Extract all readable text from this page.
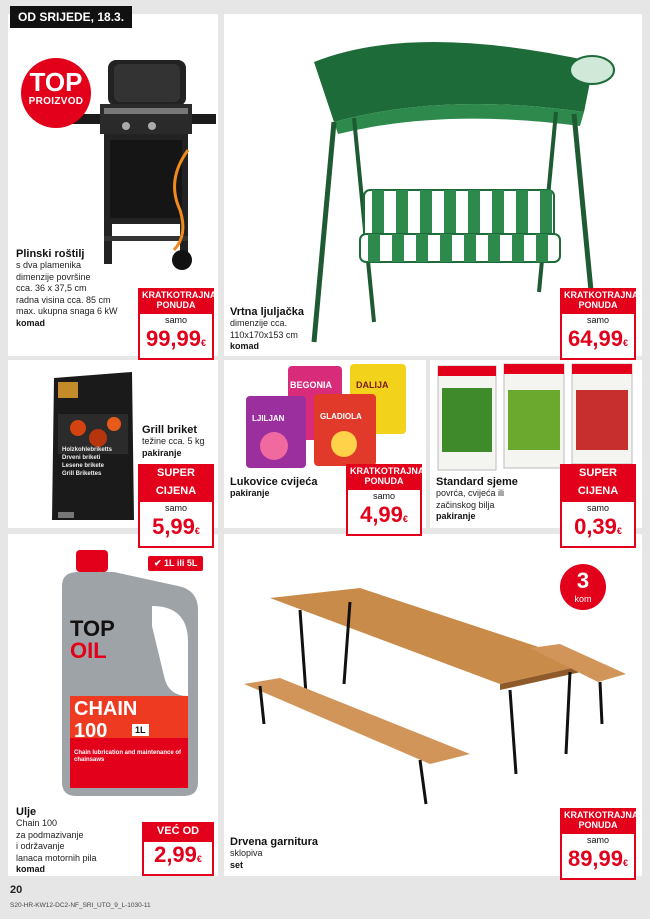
OD SRIJEDE, 18.3.
TOP
PROIZVOD
Plinski roštilj
s dva plamenika
dimenzije površine
cca. 36 x 37,5 cm
radna visina cca. 85 cm
max. ukupna snaga 6 kW
komad
KRATKOTRAJNA
PONUDA
samo
99,99€
Vrtna ljuljačka
dimenzije cca.
110x170x153 cm
komad
KRATKOTRAJNA
PONUDA
samo
64,99€
Holzkohlebriketts
Drveni briketi
Lesene brikete
Grill Brikettes
Grill briket
težine cca. 5 kg
pakiranje
SUPER CIJENA
samo
5,99€
BEGONIA	DALIJA
LJILJAN	GLADIOLA
Lukovice cvijeća
pakiranje
KRATKOTRAJNA
PONUDA
samo
4,99€
Standard sjeme
povrća, cvijeća ili
začinskog bilja
pakiranje
SUPER CIJENA
samo
0,39€
✔ 1L ili 5L
TOP
OIL
CHAIN
100	1L
Chain lubrication and maintenance of chainsaws
Ulje
Chain 100
za podmazivanje
i održavanje
lanaca motornih pila
komad
VEĆ OD
2,99€
3
kom
Drvena garnitura
sklopiva
set
KRATKOTRAJNA
PONUDA
samo
89,99€
20
S20-HR-KW12-DC2-NF_SRI_UTO_9_L-1030-11
